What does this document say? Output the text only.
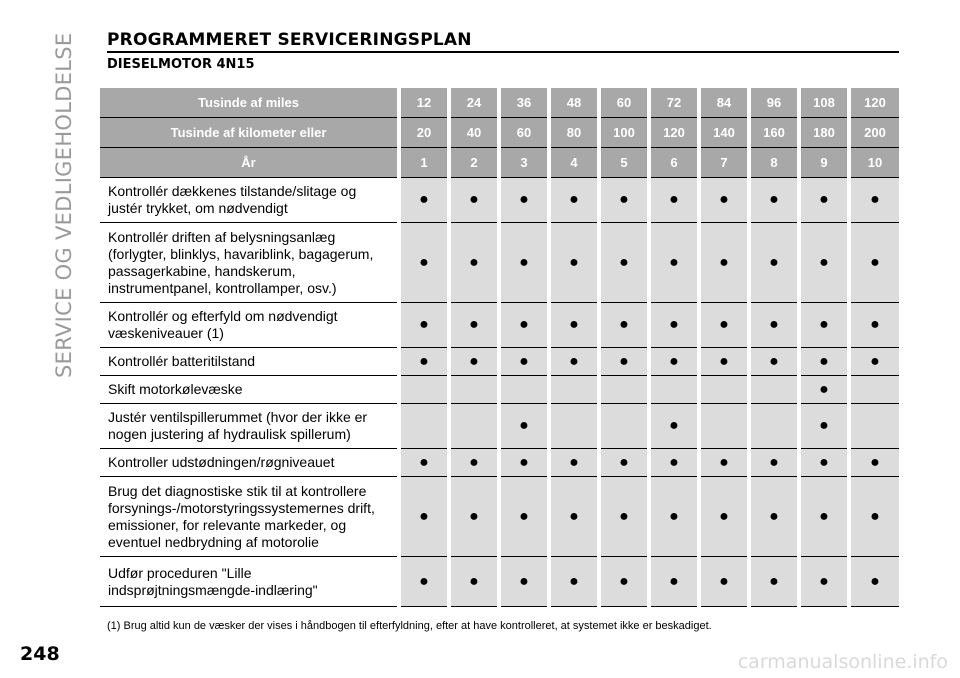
SERVICE OG VEDLIGEHOLDELSE
248
PROGRAMMERET SERVICERINGSPLAN
DIESELMOTOR 4N15
Tusinde af miles	12	24	36	48	60	72	84	96	108	120
Tusinde af kilometer eller	20	40	60	80	100	120	140	160	180	200
År	1	2	3	4	5	6	7	8	9	10
Kontrollér dækkenes tilstande/slitage og justér trykket, om nødvendigt	●	●	●	●	●	●	●	●	●	●
Kontrollér driften af belysningsanlæg (forlygter, blinklys, havariblink, bagagerum, passagerkabine, handskerum, instrumentpanel, kontrollamper, osv.)	●	●	●	●	●	●	●	●	●	●
Kontrollér og efterfyld om nødvendigt væskeniveauer (1)	●	●	●	●	●	●	●	●	●	●
Kontrollér batteritilstand	●	●	●	●	●	●	●	●	●	●
Skift motorkølevæske									●	
Justér ventilspillerummet (hvor der ikke er nogen justering af hydraulisk spillerum)			●			●			●	
Kontroller udstødningen/røgniveauet	●	●	●	●	●	●	●	●	●	●
Brug det diagnostiske stik til at kontrollere forsynings-/motorstyringssystemernes drift, emissioner, for relevante markeder, og eventuel nedbrydning af motorolie	●	●	●	●	●	●	●	●	●	●
Udfør proceduren "Lille indsprøjtningsmængde-indlæring"	●	●	●	●	●	●	●	●	●	●
(1) Brug altid kun de væsker der vises i håndbogen til efterfyldning, efter at have kontrolleret, at systemet ikke er beskadiget.
carmanualsonline.info
